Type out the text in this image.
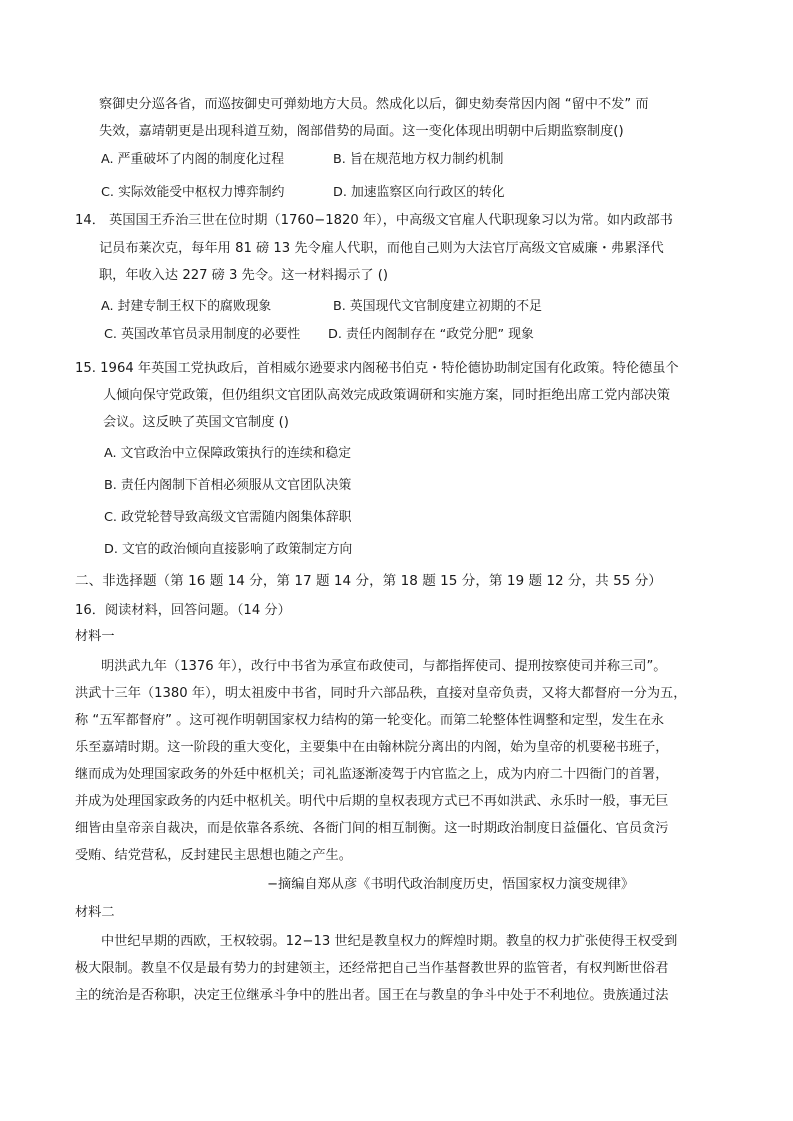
察御史分巡各省，而巡按御史可弹劾地方大员。然成化以后，御史劾奏常因内阁 “留中不发” 而
失效，嘉靖朝更是出现科道互劾，阁部借势的局面。这一变化体现出明朝中后期监察制度()
A. 严重破坏了内阁的制度化过程	B. 旨在规范地方权力制约机制
C. 实际效能受中枢权力博弈制约	D. 加速监察区向行政区的转化
14． 英国国王乔治三世在位时期（1760−1820 年），中高级文官雇人代职现象习以为常。如内政部书
记员布莱次克，每年用 81 磅 13 先令雇人代职，而他自己则为大法官厅高级文官威廉・弗累泽代
职，年收入达 227 磅 3 先令。这一材料揭示了 ()
A. 封建专制王权下的腐败现象	B. 英国现代文官制度建立初期的不足
C. 英国改革官员录用制度的必要性 D. 责任内阁制存在 “政党分肥” 现象
15. 1964 年英国工党执政后，首相威尔逊要求内阁秘书伯克・特伦德协助制定国有化政策。特伦德虽个
人倾向保守党政策，但仍组织文官团队高效完成政策调研和实施方案，同时拒绝出席工党内部决策
会议。这反映了英国文官制度 ()
A. 文官政治中立保障政策执行的连续和稳定
B. 责任内阁制下首相必须服从文官团队决策
C. 政党轮替导致高级文官需随内阁集体辞职
D. 文官的政治倾向直接影响了政策制定方向
二、非选择题（第 16 题 14 分，第 17 题 14 分，第 18 题 15 分，第 19 题 12 分，共 55 分）
16．阅读材料，回答问题。（14 分）
材料一
明洪武九年（1376 年），改行中书省为承宣布政使司，与都指挥使司、提刑按察使司并称三司”。
洪武十三年（1380 年），明太祖废中书省，同时升六部品秩，直接对皇帝负责，又将大都督府一分为五，
称 “五军都督府” 。这可视作明朝国家权力结构的第一轮变化。而第二轮整体性调整和定型，发生在永
乐至嘉靖时期。这一阶段的重大变化，主要集中在由翰林院分离出的内阁，始为皇帝的机要秘书班子，
继而成为处理国家政务的外廷中枢机关；司礼监逐渐凌驾于内官监之上，成为内府二十四衙门的首署，
并成为处理国家政务的内廷中枢机关。明代中后期的皇权表现方式已不再如洪武、永乐时一般，事无巨
细皆由皇帝亲自裁决，而是依靠各系统、各衙门间的相互制衡。这一时期政治制度日益僵化、官员贪污
受贿、结党营私，反封建民主思想也随之产生。
−摘编自郑从彦《书明代政治制度历史，悟国家权力演变规律》
材料二
中世纪早期的西欧，王权较弱。12−13 世纪是教皇权力的辉煌时期。教皇的权力扩张使得王权受到
极大限制。教皇不仅是最有势力的封建领主，还经常把自己当作基督教世界的监管者，有权判断世俗君
主的统治是否称职，决定王位继承斗争中的胜出者。国王在与教皇的争斗中处于不利地位。贵族通过法
